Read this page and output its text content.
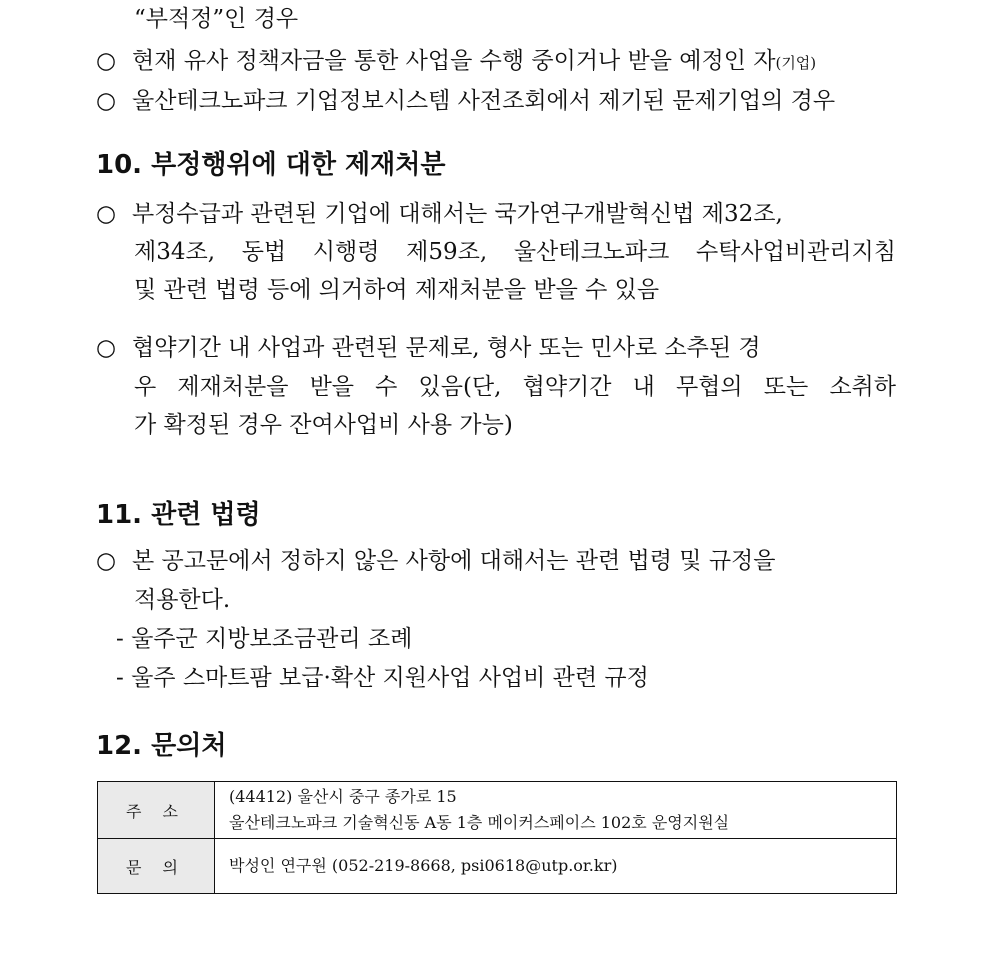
“부적정”인 경우
○ 현재 유사 정책자금을 통한 사업을 수행 중이거나 받을 예정인 자(기업)
○ 울산테크노파크 기업정보시스템 사전조회에서 제기된 문제기업의 경우
10. 부정행위에 대한 제재처분
○ 부정수급과 관련된 기업에 대해서는 국가연구개발혁신법 제32조,
제34조, 동법 시행령 제59조, 울산테크노파크 수탁사업비관리지침
및 관련 법령 등에 의거하여 제재처분을 받을 수 있음
○ 협약기간 내 사업과 관련된 문제로, 형사 또는 민사로 소추된 경
우 제재처분을 받을 수 있음(단, 협약기간 내 무협의 또는 소취하
가 확정된 경우 잔여사업비 사용 가능)
11. 관련 법령
○ 본 공고문에서 정하지 않은 사항에 대해서는 관련 법령 및 규정을
적용한다.
- 울주군 지방보조금관리 조례
- 울주 스마트팜 보급·확산 지원사업 사업비 관련 규정
12. 문의처
주 소	(44412) 울산시 중구 종가로 15
울산테크노파크 기술혁신동 A동 1층 메이커스페이스 102호 운영지원실

문 의	박성인 연구원 (052-219-8668, psi0618@utp.or.kr)
